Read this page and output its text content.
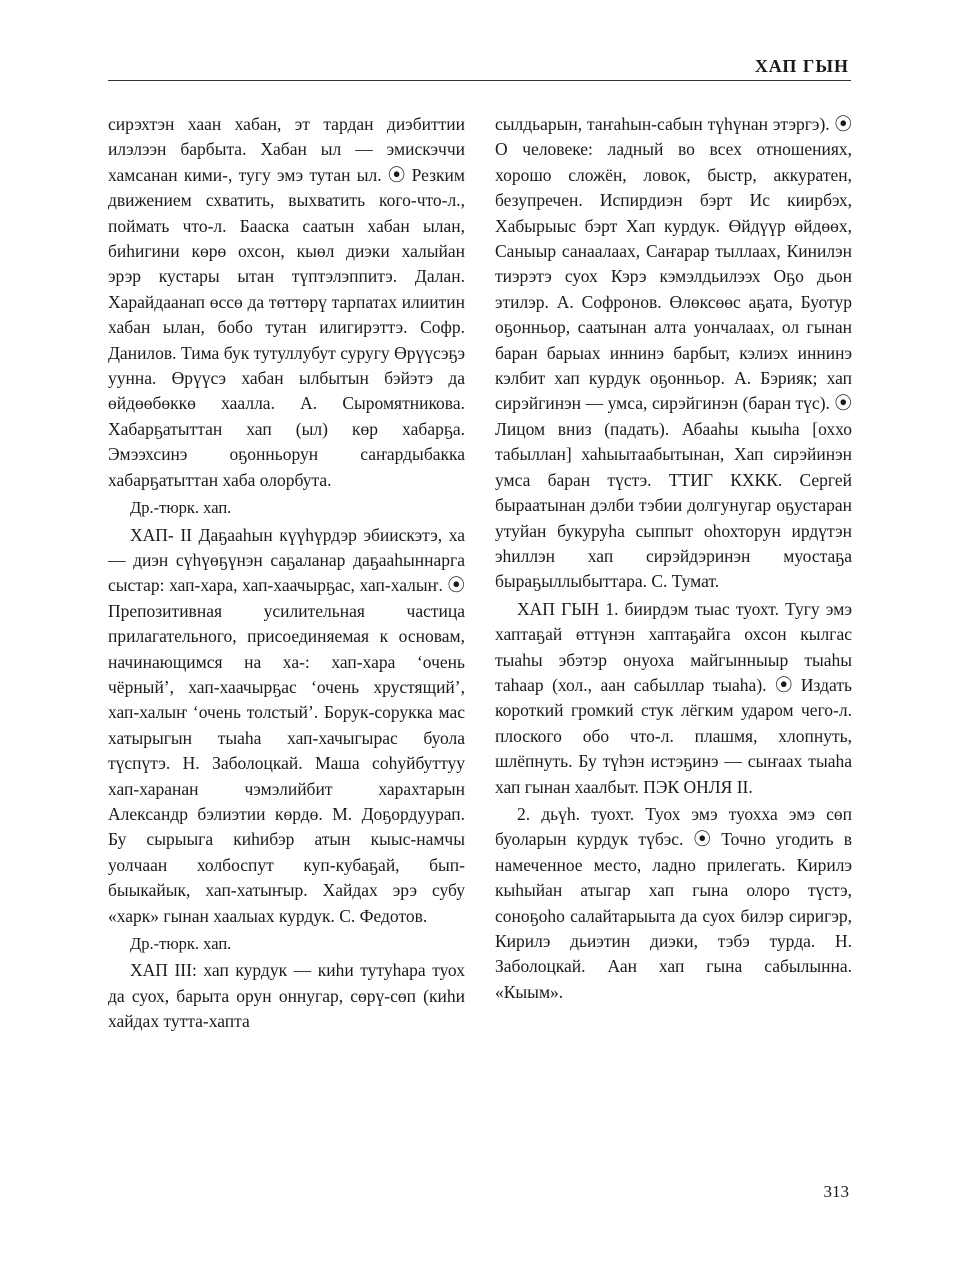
ХАП ГЫН

сирэхтэн хаан хабан, эт тардан диэбиттии илэлээн барбыта. Хабан ыл — эмискэччи хамсанан кими-, тугу эмэ тутан ыл. ⦿ Резким движением схватить, выхватить кого-что-л., поймать что-л. Бааска саатын хабан ылан, биһигини көрө охсон, кыөл диэки халыйан эрэр кустары ытан түптэлэппитэ. Далан. Харайдаанап өссө да төттөрү тарпатах илиитин хабан ылан, бобо тутан илигирэттэ. Софр. Данилов. Тима бук тутуллубут суругу Өрүүсэҕэ уунна. Өрүүсэ хабан ылбытын бэйэтэ да өйдөөбөккө хаалла. А. Сыромятникова. Хабарҕатыттан хап (ыл) көр хабарҕа. Эмээхсинэ оҕонньорун саҥардыбакка хабарҕатыттан хаба олорбута.

Др.-тюрк. хап.

ХАП- II Даҕааһын күүһүрдэр эбиискэтэ, ха — диэн сүһүөҕүнэн саҕаланар даҕааһыннарга сыстар: хап-хара, хап-хаачырҕас, хап-халыҥ. ⦿ Препозитивная усилительная частица прилагательного, присоединяемая к основам, начинающимся на ха-: хап-хара ‘очень чёрный’, хап-хаачырҕас ‘очень хрустящий’, хап-халыҥ ‘очень толстый’. Борук-сорукка мас хатырыгын тыаһа хап-хачыгырас буола түспүтэ. Н. Заболоцкай. Маша соһуйбуттуу хап-харанан чэмэлийбит харахтарын Александр бэлиэтии көрдө. М. Доҕордуурап. Бу сырыыга киһибэр атын кыыс-намчы уолчаан холбоспут куп-кубаҕай, бып-быыкайык, хап-хатыҥыр. Хайдах эрэ субу «харк» гынан хаалыах курдук. С. Федотов.

Др.-тюрк. хап.

ХАП III: хап курдук — киһи тутуһара туох да суох, барыта орун оннугар, сөрү-сөп (киһи хайдах тутта-хапта

сылдьарын, таҥаһын-сабын түһүнан этэргэ). ⦿ О человеке: ладный во всех отношениях, хорошо сложён, ловок, быстр, аккуратен, безупречен. Испирдиэн бэрт Ис киирбэх, Хабырыыс бэрт Хап курдук. Өйдүүр өйдөөх, Саныыр санаалаах, Саҥарар тыллаах, Кинилэн тиэрэтэ суох Кэрэ кэмэлдьилээх Оҕо дьон этилэр. А. Софронов. Өлөксөөс аҕата, Буотур оҕонньор, саатынан алта уончалаах, ол гынан баран барыах иннинэ барбыт, кэлиэх иннинэ кэлбит хап курдук оҕонньор. А. Бэрияк; хап сирэйгинэн — умса, сирэйгинэн (баран түс). ⦿ Лицом вниз (падать). Абааһы кыыһа [оххо табыллан] хаһыытаабытынан, Хап сирэйинэн умса баран түстэ. ТТИГ КХКК. Сергей быраатынан дэлби тэбии долгунугар оҕустаран утуйан букуруһа сыппыт оһохторун ирдүтэн эһиллэн хап сирэйдэринэн муостаҕа быраҕыллыбыттара. С. Тумат.

ХАП ГЫН 1. биирдэм тыас туохт. Тугу эмэ хаптаҕай өттүнэн хаптаҕайга охсон кылгас тыаһы эбэтэр онуоха майгынныыр тыаһы таһаар (хол., аан сабыллар тыаһа). ⦿ Издать короткий громкий стук лёгким ударом чего-л. плоского обо что-л. плашмя, хлопнуть, шлёпнуть. Бу түһэн истэҕинэ — сыҥаах тыаһа хап гынан хаалбыт. ПЭК ОНЛЯ II.

2. дьүһ. туохт. Туох эмэ туохха эмэ сөп буоларын курдук түбэс. ⦿ Точно угодить в намеченное место, ладно прилегать. Кирилэ кыһыйан атыгар хап гына олоро түстэ, соноҕоһо салайтарыыта да суох билэр сиригэр, Кирилэ дьиэтин диэки, тэбэ турда. Н. Заболоцкай. Аан хап гына сабылынна. «Кыым».

313
